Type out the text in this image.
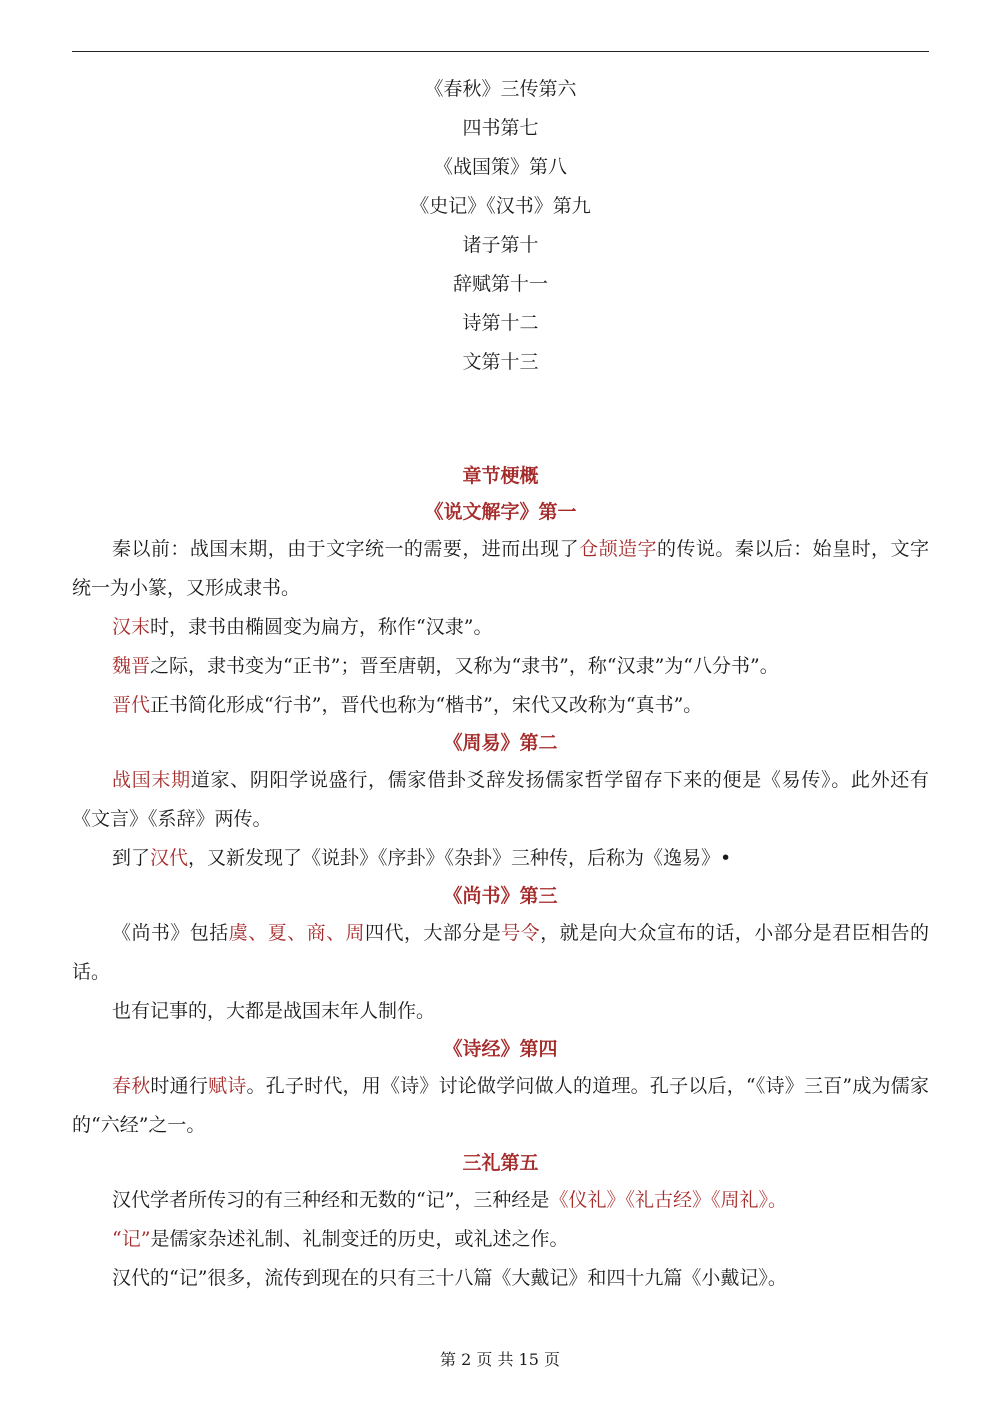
《春秋》三传第六
四书第七
《战国策》第八
《史记》《汉书》第九
诸子第十
辞赋第十一
诗第十二
文第十三
章节梗概
《说文解字》第一

秦以前：战国末期，由于文字统一的需要，进而出现了仓颉造字的传说。秦以后：始皇时，文字统一为小篆，又形成隶书。

汉末时，隶书由椭圆变为扁方，称作“汉隶”。

魏晋之际，隶书变为“正书”；晋至唐朝，又称为“隶书”，称“汉隶”为“八分书”。

晋代正书简化形成“行书”，晋代也称为“楷书”，宋代又改称为“真书”。

《周易》第二

战国末期道家、阴阳学说盛行，儒家借卦爻辞发扬儒家哲学留存下来的便是《易传》。此外还有《文言》《系辞》两传。

到了汉代，又新发现了《说卦》《序卦》《杂卦》三种传，后称为《逸易》•

《尚书》第三

《尚书》包括虞、夏、商、周四代，大部分是号令，就是向大众宣布的话，小部分是君臣相告的话。

也有记事的，大都是战国末年人制作。

《诗经》第四

春秋时通行赋诗。孔子时代，用《诗》讨论做学问做人的道理。孔子以后，“《诗》三百”成为儒家的“六经”之一。

三礼第五

汉代学者所传习的有三种经和无数的“记”，三种经是《仪礼》《礼古经》《周礼》。

“记”是儒家杂述礼制、礼制变迁的历史，或礼述之作。

汉代的“记”很多，流传到现在的只有三十八篇《大戴记》和四十九篇《小戴记》。

第 2 页 共 15 页
